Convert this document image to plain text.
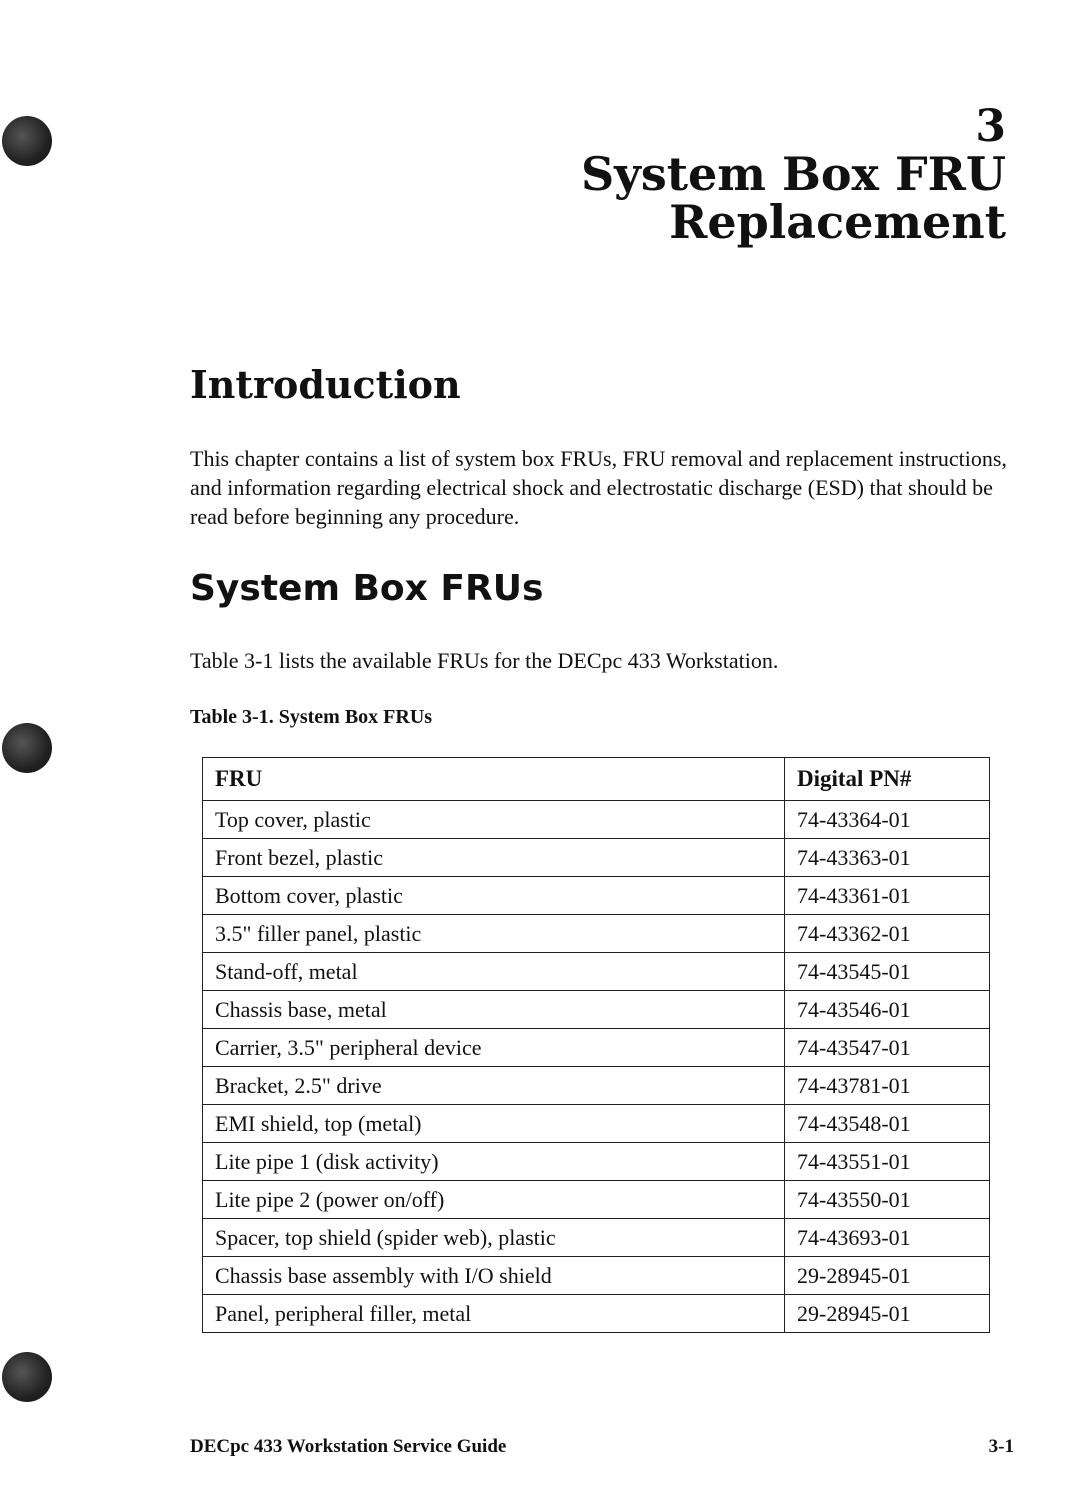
3
System Box FRU
Replacement
Introduction

This chapter contains a list of system box FRUs, FRU removal and replacement instructions, and information regarding electrical shock and electrostatic discharge (ESD) that should be read before beginning any procedure.

System Box FRUs

Table 3-1 lists the available FRUs for the DECpc 433 Workstation.

Table 3-1. System Box FRUs

FRU	Digital PN#
Top cover, plastic	74-43364-01
Front bezel, plastic	74-43363-01
Bottom cover, plastic	74-43361-01
3.5" filler panel, plastic	74-43362-01
Stand-off, metal	74-43545-01
Chassis base, metal	74-43546-01
Carrier, 3.5" peripheral device	74-43547-01
Bracket, 2.5" drive	74-43781-01
EMI shield, top (metal)	74-43548-01
Lite pipe 1 (disk activity)	74-43551-01
Lite pipe 2 (power on/off)	74-43550-01
Spacer, top shield (spider web), plastic	74-43693-01
Chassis base assembly with I/O shield	29-28945-01
Panel, peripheral filler, metal	29-28945-01
DECpc 433 Workstation Service Guide	3-1
